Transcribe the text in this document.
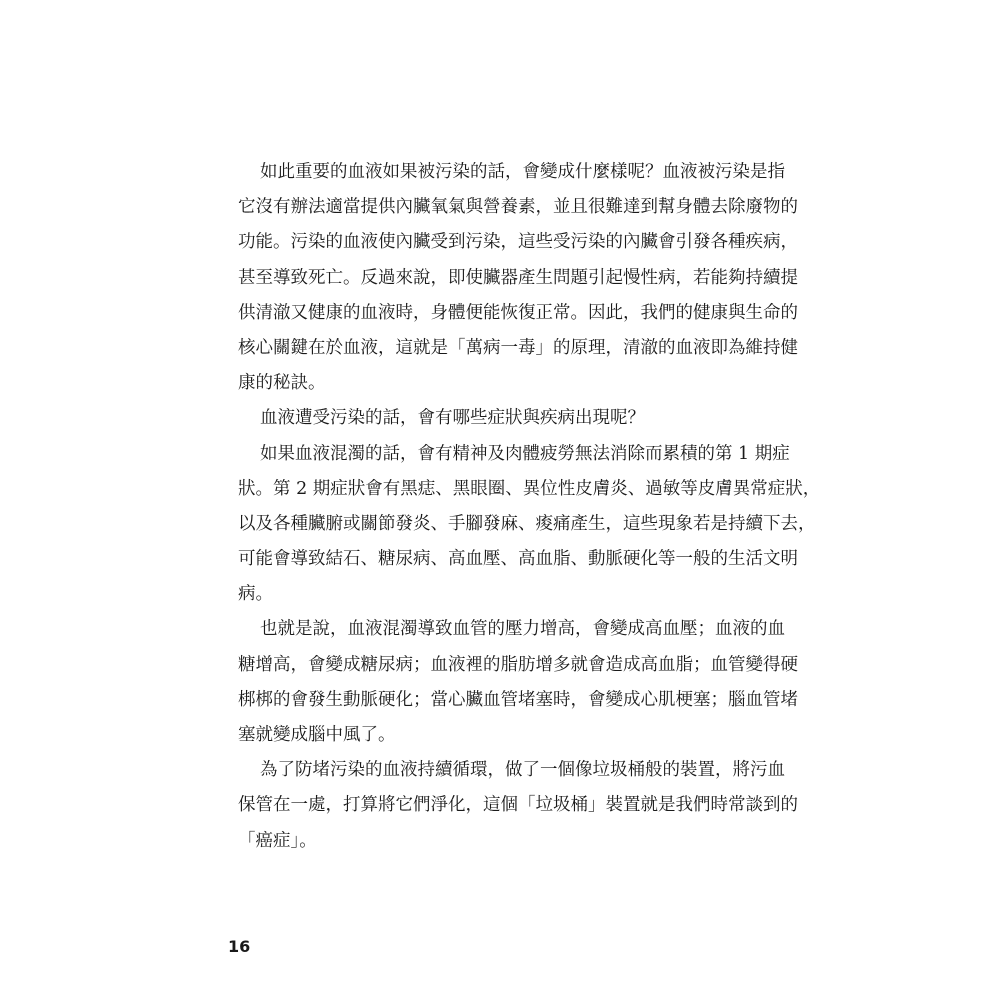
如此重要的血液如果被污染的話，會變成什麼樣呢？血液被污染是指
它沒有辦法適當提供內臟氧氣與營養素，並且很難達到幫身體去除廢物的
功能。污染的血液使內臟受到污染，這些受污染的內臟會引發各種疾病，
甚至導致死亡。反過來說，即使臟器產生問題引起慢性病，若能夠持續提
供清澈又健康的血液時，身體便能恢復正常。因此，我們的健康與生命的
核心關鍵在於血液，這就是「萬病一毒」的原理，清澈的血液即為維持健
康的秘訣。
血液遭受污染的話，會有哪些症狀與疾病出現呢？
如果血液混濁的話，會有精神及肉體疲勞無法消除而累積的第 1 期症
狀。第 2 期症狀會有黑痣、黑眼圈、異位性皮膚炎、過敏等皮膚異常症狀，
以及各種臟腑或關節發炎、手腳發麻、痠痛產生，這些現象若是持續下去，
可能會導致結石、糖尿病、高血壓、高血脂、動脈硬化等一般的生活文明
病。
也就是說，血液混濁導致血管的壓力增高，會變成高血壓；血液的血
糖增高，會變成糖尿病；血液裡的脂肪增多就會造成高血脂；血管變得硬
梆梆的會發生動脈硬化；當心臟血管堵塞時，會變成心肌梗塞；腦血管堵
塞就變成腦中風了。
為了防堵污染的血液持續循環，做了一個像垃圾桶般的裝置，將污血
保管在一處，打算將它們淨化，這個「垃圾桶」裝置就是我們時常談到的
「癌症」。
16
